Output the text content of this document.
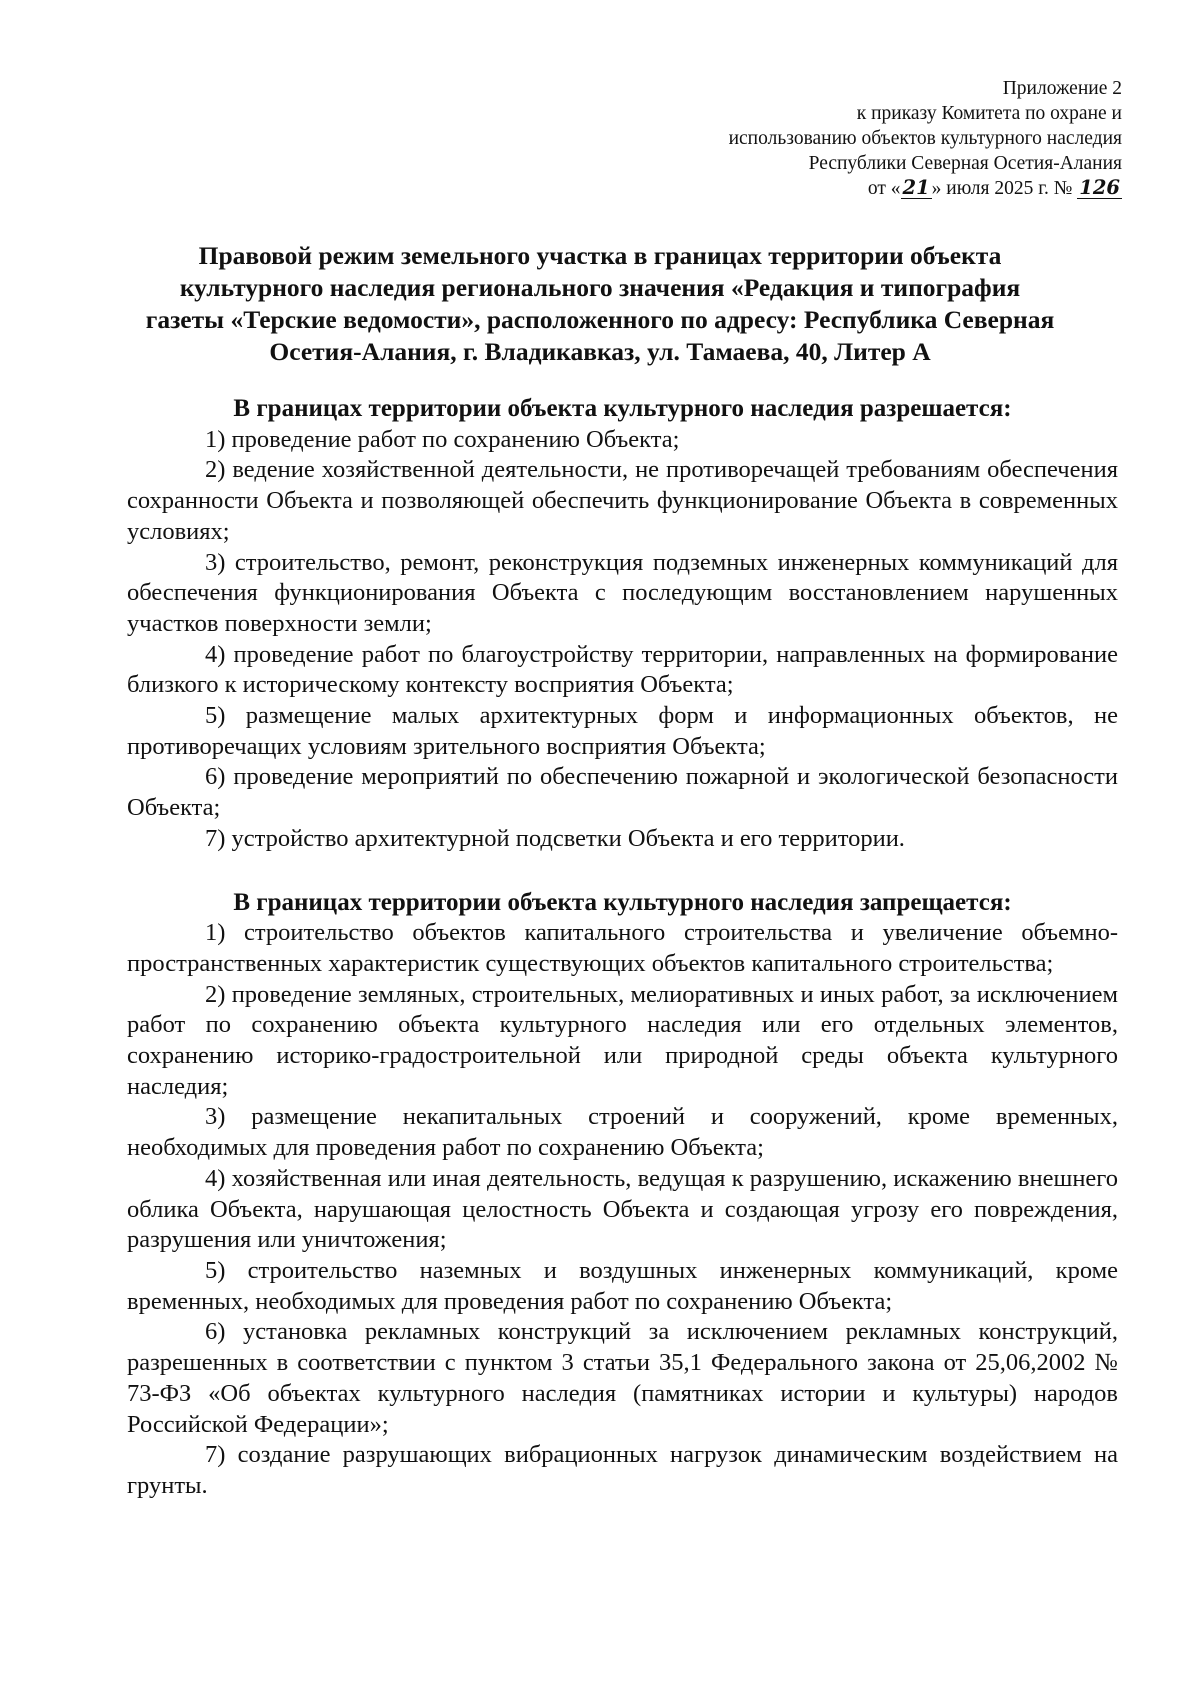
Приложение 2
к приказу Комитета по охране и
использованию объектов культурного наследия
Республики Северная Осетия-Алания
от « 21 » июля 2025 г. № 126
Правовой режим земельного участка в границах территории объекта
культурного наследия регионального значения «Редакция и типография
газеты «Терские ведомости», расположенного по адресу: Республика Северная
Осетия-Алания, г. Владикавказ, ул. Тамаева, 40, Литер А
В границах территории объекта культурного наследия разрешается:

1) проведение работ по сохранению Объекта;

2) ведение хозяйственной деятельности, не противоречащей требованиям обеспечения сохранности Объекта и позволяющей обеспечить функционирование Объекта в современных условиях;

3) строительство, ремонт, реконструкция подземных инженерных коммуникаций для обеспечения функционирования Объекта с последующим восстановлением нарушенных участков поверхности земли;

4) проведение работ по благоустройству территории, направленных на формирование близкого к историческому контексту восприятия Объекта;

5) размещение малых архитектурных форм и информационных объектов, не противоречащих условиям зрительного восприятия Объекта;

6) проведение мероприятий по обеспечению пожарной и экологической безопасности Объекта;

7) устройство архитектурной подсветки Объекта и его территории.

В границах территории объекта культурного наследия запрещается:

1) строительство объектов капитального строительства и увеличение объемно-пространственных характеристик существующих объектов капитального строительства;

2) проведение земляных, строительных, мелиоративных и иных работ, за исключением работ по сохранению объекта культурного наследия или его отдельных элементов, сохранению историко-градостроительной или природной среды объекта культурного наследия;

3) размещение некапитальных строений и сооружений, кроме временных, необходимых для проведения работ по сохранению Объекта;

4) хозяйственная или иная деятельность, ведущая к разрушению, искажению внешнего облика Объекта, нарушающая целостность Объекта и создающая угрозу его повреждения, разрушения или уничтожения;

5) строительство наземных и воздушных инженерных коммуникаций, кроме временных, необходимых для проведения работ по сохранению Объекта;

6) установка рекламных конструкций за исключением рекламных конструкций, разрешенных в соответствии с пунктом 3 статьи 35,1 Федерального закона от 25,06,2002 № 73-ФЗ «Об объектах культурного наследия (памятниках истории и культуры) народов Российской Федерации»;

7) создание разрушающих вибрационных нагрузок динамическим воздействием на грунты.
